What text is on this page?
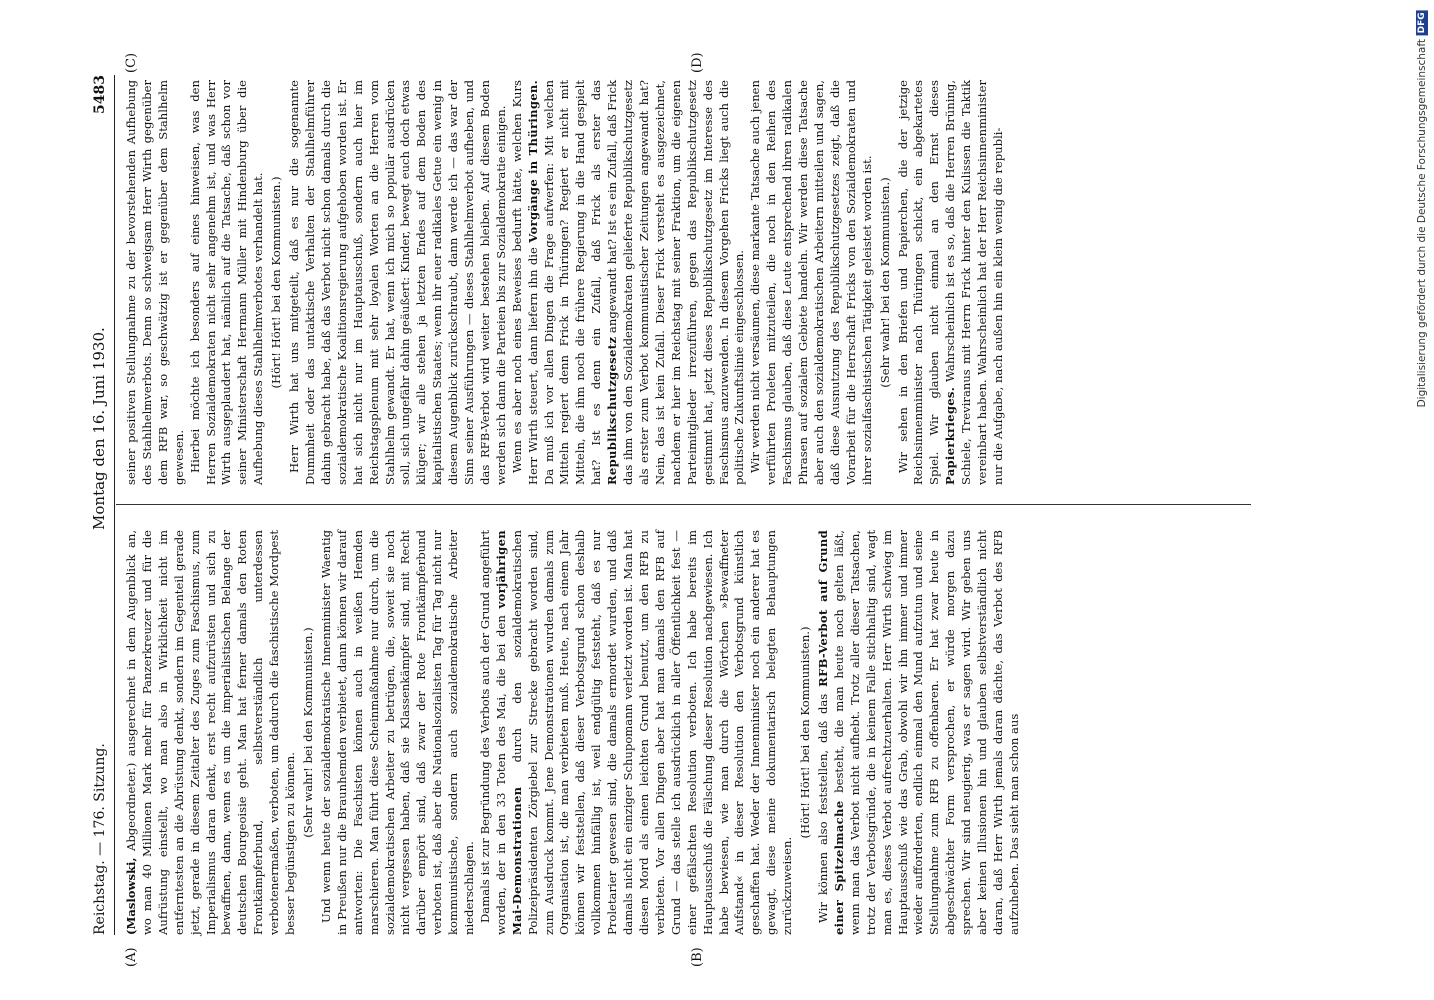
Reichstag. — 176. Sitzung.
Montag den 16. Juni 1930.
5483
(A)	(B)
(C)	(D)

(Maslowski, Abgeordneter.) ausgerechnet in dem Augenblick an, wo man 40 Millionen Mark mehr für Panzerkreuzer und für die Aufrüstung einstellt, wo man also in Wirklichkeit nicht im entferntesten an die Abrüstung denkt, sondern im Gegenteil gerade jetzt, gerade in diesem Zeitalter des Zuges zum Faschismus, zum Imperialismus daran denkt, erst recht aufzurüsten und sich zu bewaffnen, dann, wenn es um die imperialistischen Belange der deutschen Bourgeoisie geht. Man hat ferner damals den Roten Frontkämpferbund, selbstverständlich unterdessen verbotenermaßen, verboten, um dadurch die faschistische Mordpest besser begünstigen zu können.

(Sehr wahr! bei den Kommunisten.) Und wenn heute der sozialdemokratische Innenminister Waentig in Preußen nur die Braunhemden verbietet, dann können wir darauf antworten: Die Faschisten können auch in weißen Hemden marschieren. Man führt diese Scheinmaßnahme nur durch, um die sozialdemokratischen Arbeiter zu betrügen, die, soweit sie noch nicht vergessen haben, daß sie Klassenkämpfer sind, mit Recht darüber empört sind, daß zwar der Rote Frontkämpferbund verboten ist, daß aber die Nationalsozialisten Tag für Tag nicht nur kommunistische, sondern auch sozialdemokratische Arbeiter niederschlagen. Damals ist zur Begründung des Verbots auch der Grund angeführt worden, der in den 33 Toten des Mai, die bei den vorjährigen Mai-Demonstrationen durch den sozialdemokratischen Polizeipräsidenten Zörgiebel zur Strecke gebracht worden sind, zum Ausdruck kommt. Jene Demonstrationen wurden damals zum Organisation ist, die man verbieten muß. Heute, nach einem Jahr können wir feststellen, daß dieser Verbotsgrund schon deshalb vollkommen hinfällig ist, weil endgültig feststeht, daß es nur Proletarier gewesen sind, die damals ermordet wurden, und daß damals nicht ein einziger Schupomann verletzt worden ist. Man hat diesen Mord als einen leichten Grund benutzt, um den RFB zu verbieten. Vor allen Dingen aber hat man damals den RFB auf Grund — das stelle ich ausdrücklich in aller Öffentlichkeit fest — einer gefälschten Resolution verboten. Ich habe bereits im Hauptausschuß die Fälschung dieser Resolution nachgewiesen. Ich habe bewiesen, wie man durch die Wörtchen »Bewaffneter Aufstand« in dieser Resolution den Verbotsgrund künstlich geschaffen hat. Weder der Innenminister noch ein anderer hat es gewagt, diese meine dokumentarisch belegten Behauptungen zurückzuweisen.

(Hört! Hört! bei den Kommunisten.) Wir können also feststellen, daß das RFB-Verbot auf Grund einer Spitzelmache besteht, die man heute noch gelten läßt, wenn man das Verbot nicht aufhebt. Trotz aller dieser Tatsachen, trotz der Verbotsgründe, die in keinem Falle stichhaltig sind, wagt man es, dieses Verbot aufrechtzuerhalten. Herr Wirth schwieg im Hauptausschuß wie das Grab, obwohl wir ihn immer und immer wieder aufforderten, endlich einmal den Mund aufzutun und seine Stellungnahme zum RFB zu offenbaren. Er hat zwar heute in abgeschwächter Form versprochen, er würde morgen dazu sprechen. Wir sind neugierig, was er sagen wird. Wir geben uns aber keinen Illusionen hin und glauben selbstverständlich nicht daran, daß Herr Wirth jemals daran dächte, das Verbot des RFB aufzuheben. Das sieht man schon aus

seiner positiven Stellungnahme zu der bevorstehenden Aufhebung des Stahlhelmverbots. Denn so schweigsam Herr Wirth gegenüber dem RFB war, so geschwätzig ist er gegenüber dem Stahlhelm gewesen. Hierbei möchte ich besonders auf eines hinweisen, was den Herren Sozialdemokraten nicht sehr angenehm ist, und was Herr Wirth ausgeplaudert hat, nämlich auf die Tatsache, daß schon vor seiner Ministerschaft Hermann Müller mit Hindenburg über die Aufhebung dieses Stahlhelmverbotes verhandelt hat. (Hört! Hört! bei den Kommunisten.) Herr Wirth hat uns mitgeteilt, daß es nur die sogenannte Dummheit oder das untaktische Verhalten der Stahlhelmführer dahin gebracht habe, daß das Verbot nicht schon damals durch die sozialdemokratische Koalitionsregierung aufgehoben worden ist. Er hat sich nicht nur im Hauptausschuß, sondern auch hier im Reichstagsplenum mit sehr loyalen Worten an die Herren vom Stahlhelm gewandt. Er hat, wenn ich mich so populär ausdrücken soll, sich ungefähr dahin geäußert: Kinder, bewegt euch doch etwas klüger; wir alle stehen ja letzten Endes auf dem Boden des kapitalistischen Staates; wenn ihr euer radikales Getue ein wenig in diesem Augenblick zurückschraubt, dann werde ich — das war der Sinn seiner Ausführungen — dieses Stahlhelmverbot aufheben, und das RFB-Verbot wird weiter bestehen bleiben. Auf diesem Boden werden sich dann die Parteien bis zur Sozialdemokratie einigen. Wenn es aber noch eines Beweises bedurft hätte, welchen Kurs Herr Wirth steuert, dann liefern ihn die Vorgänge in Thüringen. Da muß ich vor allen Dingen die Frage aufwerfen: Mit welchen Mitteln regiert denn Frick in Thüringen? Regiert er nicht mit Mitteln, die ihm noch die frühere Regierung in die Hand gespielt hat? Ist es denn ein Zufall, daß Frick als erster das Republikschutzgesetz angewandt hat? Ist es ein Zufall, daß Frick das ihm von den Sozialdemokraten gelieferte Republikschutzgesetz als erster zum Verbot kommunistischer Zeitungen angewandt hat? Nein, das ist kein Zufall. Dieser Frick versteht es ausgezeichnet, nachdem er hier im Reichstag mit seiner Fraktion, um die eigenen Parteimitglieder irrezuführen, gegen das Republikschutzgesetz gestimmt hat, jetzt dieses Republikschutzgesetz im Interesse des Faschismus anzuwenden. In diesem Vorgehen Fricks liegt auch die politische Zukunftslinie eingeschlossen. Wir werden nicht versäumen, diese markante Tatsache auch jenen verführten Proleten mitzuteilen, die noch in den Reihen des Faschismus glauben, daß diese Leute entsprechend ihren radikalen Phrasen auf sozialem Gebiete handeln. Wir werden diese Tatsache aber auch den sozialdemokratischen Arbeitern mitteilen und sagen, daß diese Ausnutzung des Republikschutzgesetzes zeigt, daß die Vorarbeit für die Herrschaft Fricks von den Sozialdemokraten und ihrer sozialfaschistischen Tätigkeit geleistet worden ist. (Sehr wahr! bei den Kommunisten.) Wir sehen in den Briefen und Papierchen, die der jetzige Reichsinnenminister nach Thüringen schickt, ein abgekartetes Spiel. Wir glauben nicht einmal an den Ernst dieses Papierkrieges. Wahrscheinlich ist es so, daß die Herren Brüning, Schiele, Treviranus mit Herrn Frick hinter den Kulissen die Taktik vereinbart haben. Wahrscheinlich hat der Herr Reichsinnenminister nur die Aufgabe, nach außen hin ein klein wenig die republi-	Digitalisierung gefördert durch die Deutsche Forschungsgemeinschaft
DFG
